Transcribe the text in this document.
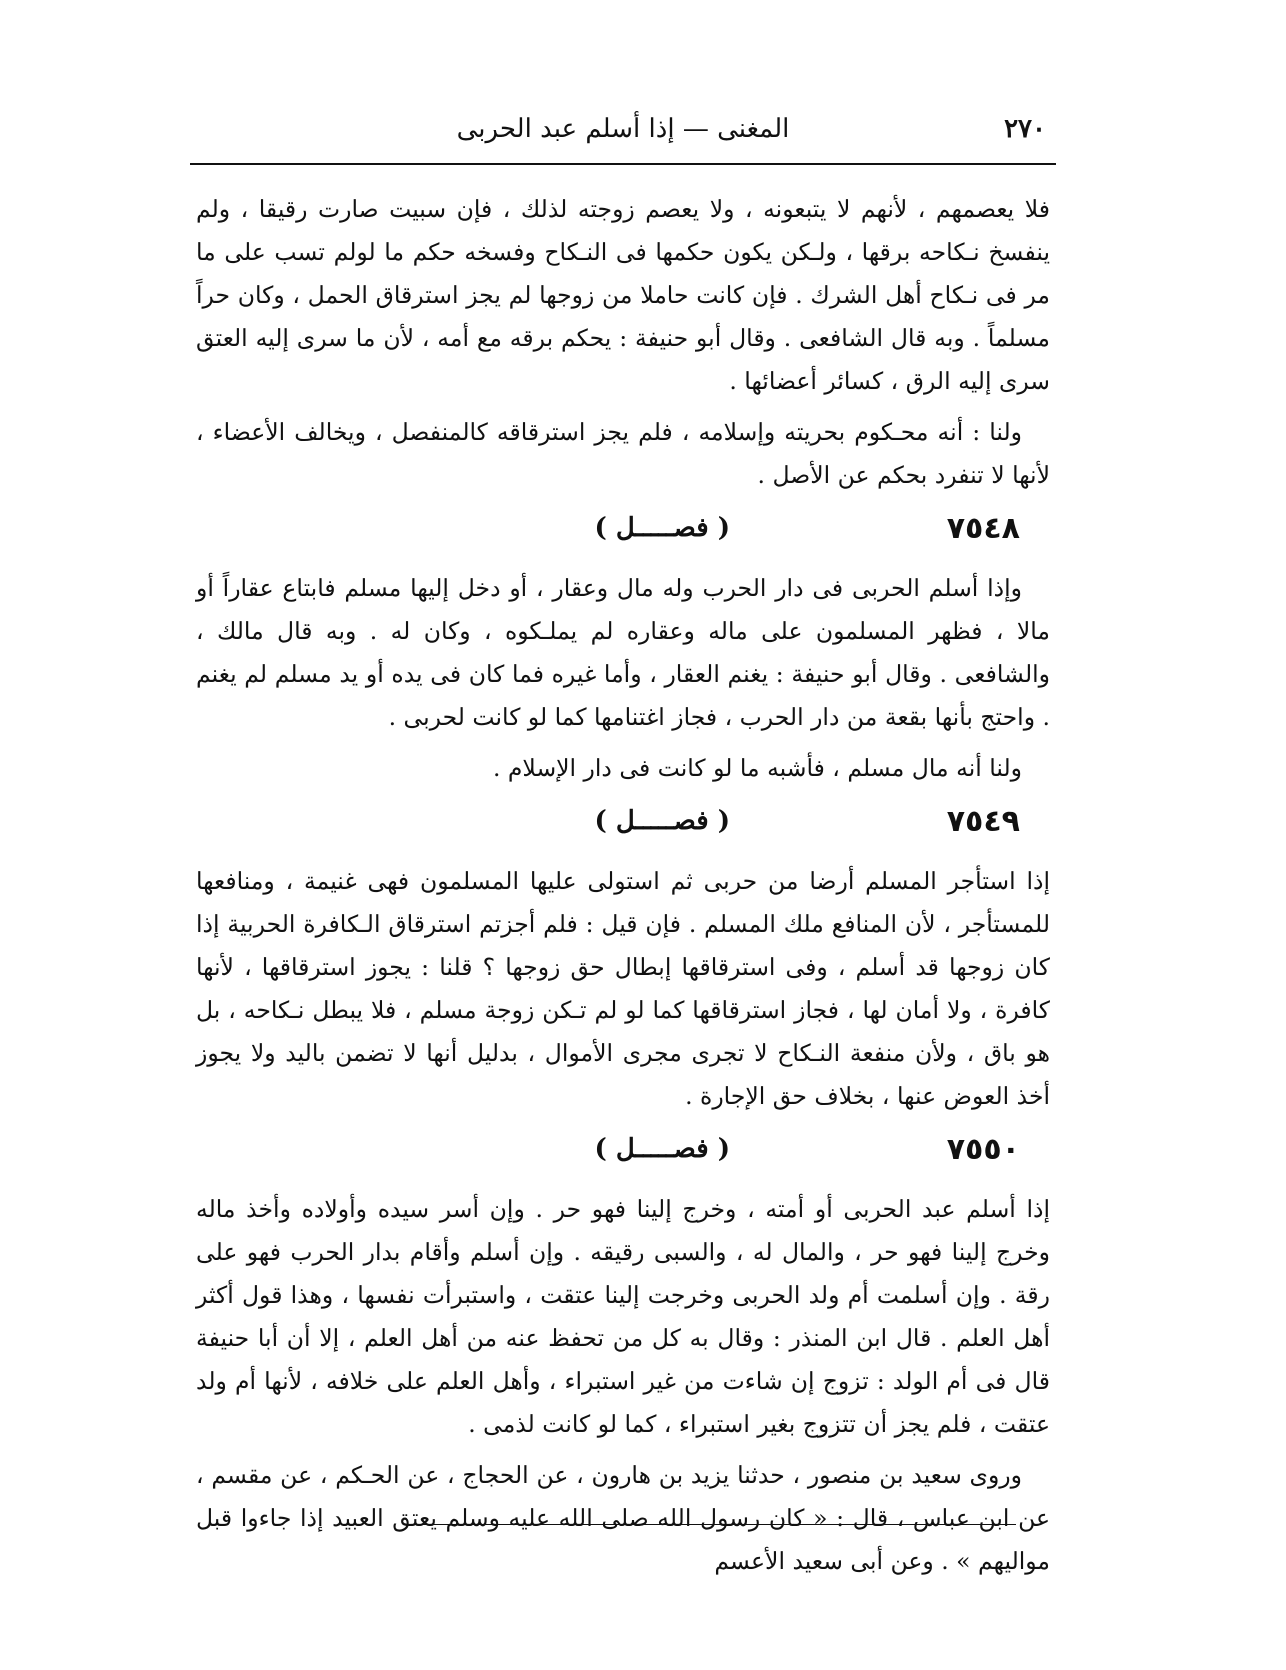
٢٧٠
المغنى — إذا أسلم عبد الحربى

فلا يعصمهم ، لأنهم لا يتبعونه ، ولا يعصم زوجته لذلك ، فإن سبيت صارت رقيقا ، ولم ينفسخ نـكاحه برقها ، ولـكن يكون حكمها فى النـكاح وفسخه حكم ما لولم تسب على ما مر فى نـكاح أهل الشرك . فإن كانت حاملا من زوجها لم يجز استرقاق الحمل ، وكان حراً مسلماً . وبه قال الشافعى . وقال أبو حنيفة : يحكم برقه مع أمه ، لأن ما سرى إليه العتق سرى إليه الرق ، كسائر أعضائها .

ولنا : أنه محـكوم بحريته وإسلامه ، فلم يجز استرقاقه كالمنفصل ، ويخالف الأعضاء ، لأنها لا تنفرد بحكم عن الأصل .

٧٥٤٨
( فصـــــل )

وإذا أسلم الحربى فى دار الحرب وله مال وعقار ، أو دخل إليها مسلم فابتاع عقاراً أو مالا ، فظهر المسلمون على ماله وعقاره لم يملـكوه ، وكان له . وبه قال مالك ، والشافعى . وقال أبو حنيفة : يغنم العقار ، وأما غيره فما كان فى يده أو يد مسلم لم يغنم . واحتج بأنها بقعة من دار الحرب ، فجاز اغتنامها كما لو كانت لحربى .

ولنا أنه مال مسلم ، فأشبه ما لو كانت فى دار الإسلام .

٧٥٤٩
( فصـــــل )

إذا استأجر المسلم أرضا من حربى ثم استولى عليها المسلمون فهى غنيمة ، ومنافعها للمستأجر ، لأن المنافع ملك المسلم . فإن قيل : فلم أجزتم استرقاق الـكافرة الحربية إذا كان زوجها قد أسلم ، وفى استرقاقها إبطال حق زوجها ؟ قلنا : يجوز استرقاقها ، لأنها كافرة ، ولا أمان لها ، فجاز استرقاقها كما لو لم تـكن زوجة مسلم ، فلا يبطل نـكاحه ، بل هو باق ، ولأن منفعة النـكاح لا تجرى مجرى الأموال ، بدليل أنها لا تضمن باليد ولا يجوز أخذ العوض عنها ، بخلاف حق الإجارة .

٧٥٥٠
( فصـــــل )

إذا أسلم عبد الحربى أو أمته ، وخرج إلينا فهو حر . وإن أسر سيده وأولاده وأخذ ماله وخرج إلينا فهو حر ، والمال له ، والسبى رقيقه . وإن أسلم وأقام بدار الحرب فهو على رقة . وإن أسلمت أم ولد الحربى وخرجت إلينا عتقت ، واستبرأت نفسها ، وهذا قول أكثر أهل العلم . قال ابن المنذر : وقال به كل من تحفظ عنه من أهل العلم ، إلا أن أبا حنيفة قال فى أم الولد : تزوج إن شاءت من غير استبراء ، وأهل العلم على خلافه ، لأنها أم ولد عتقت ، فلم يجز أن تتزوج بغير استبراء ، كما لو كانت لذمى .

وروى سعيد بن منصور ، حدثنا يزيد بن هارون ، عن الحجاج ، عن الحـكم ، عن مقسم ، عن ابن عباس ، قال : « كان رسول الله صلى الله عليه وسلم يعتق العبيد إذا جاءوا قبل مواليهم » . وعن أبى سعيد الأعسم
